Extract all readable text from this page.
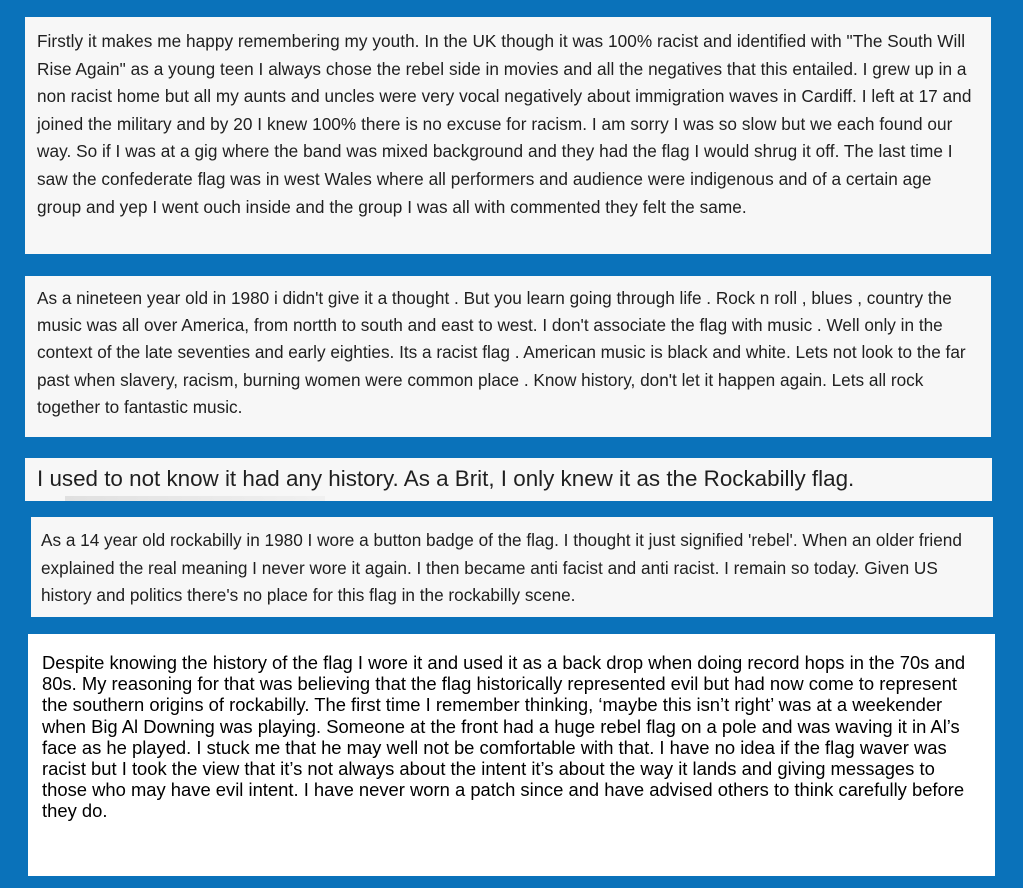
Firstly it makes me happy remembering my youth. In the UK though it was 100% racist and identified with "The South Will Rise Again" as a young teen I always chose the rebel side in movies and all the negatives that this entailed. I grew up in a non racist home but all my aunts and uncles were very vocal negatively about immigration waves in Cardiff. I left at 17 and joined the military and by 20 I knew 100% there is no excuse for racism. I am sorry I was so slow but we each found our way. So if I was at a gig where the band was mixed background and they had the flag I would shrug it off. The last time I saw the confederate flag was in west Wales where all performers and audience were indigenous and of a certain age group and yep I went ouch inside and the group I was all with commented they felt the same.

As a nineteen year old in 1980 i didn't give it a thought . But you learn going through life . Rock n roll , blues , country the music was all over America, from nortth to south and east to west. I don't associate the flag with music . Well only in the context of the late seventies and early eighties. Its a racist flag . American music is black and white. Lets not look to the far past when slavery, racism, burning women were common place . Know history, don't let it happen again. Lets all rock together to fantastic music.

I used to not know it had any history. As a Brit, I only knew it as the Rockabilly flag.

As a 14 year old rockabilly in 1980 I wore a button badge of the flag. I thought it just signified 'rebel'. When an older friend explained the real meaning I never wore it again. I then became anti facist and anti racist. I remain so today. Given US history and politics there's no place for this flag in the rockabilly scene.

Despite knowing the history of the flag I wore it and used it as a back drop when doing record hops in the 70s and 80s. My reasoning for that was believing that the flag historically represented evil but had now come to represent the southern origins of rockabilly. The first time I remember thinking, ‘maybe this isn’t right’ was at a weekender when Big Al Downing was playing. Someone at the front had a huge rebel flag on a pole and was waving it in Al’s face as he played. I stuck me that he may well not be comfortable with that. I have no idea if the flag waver was racist but I took the view that it’s not always about the intent it’s about the way it lands and giving messages to those who may have evil intent. I have never worn a patch since and have advised others to think carefully before they do.
